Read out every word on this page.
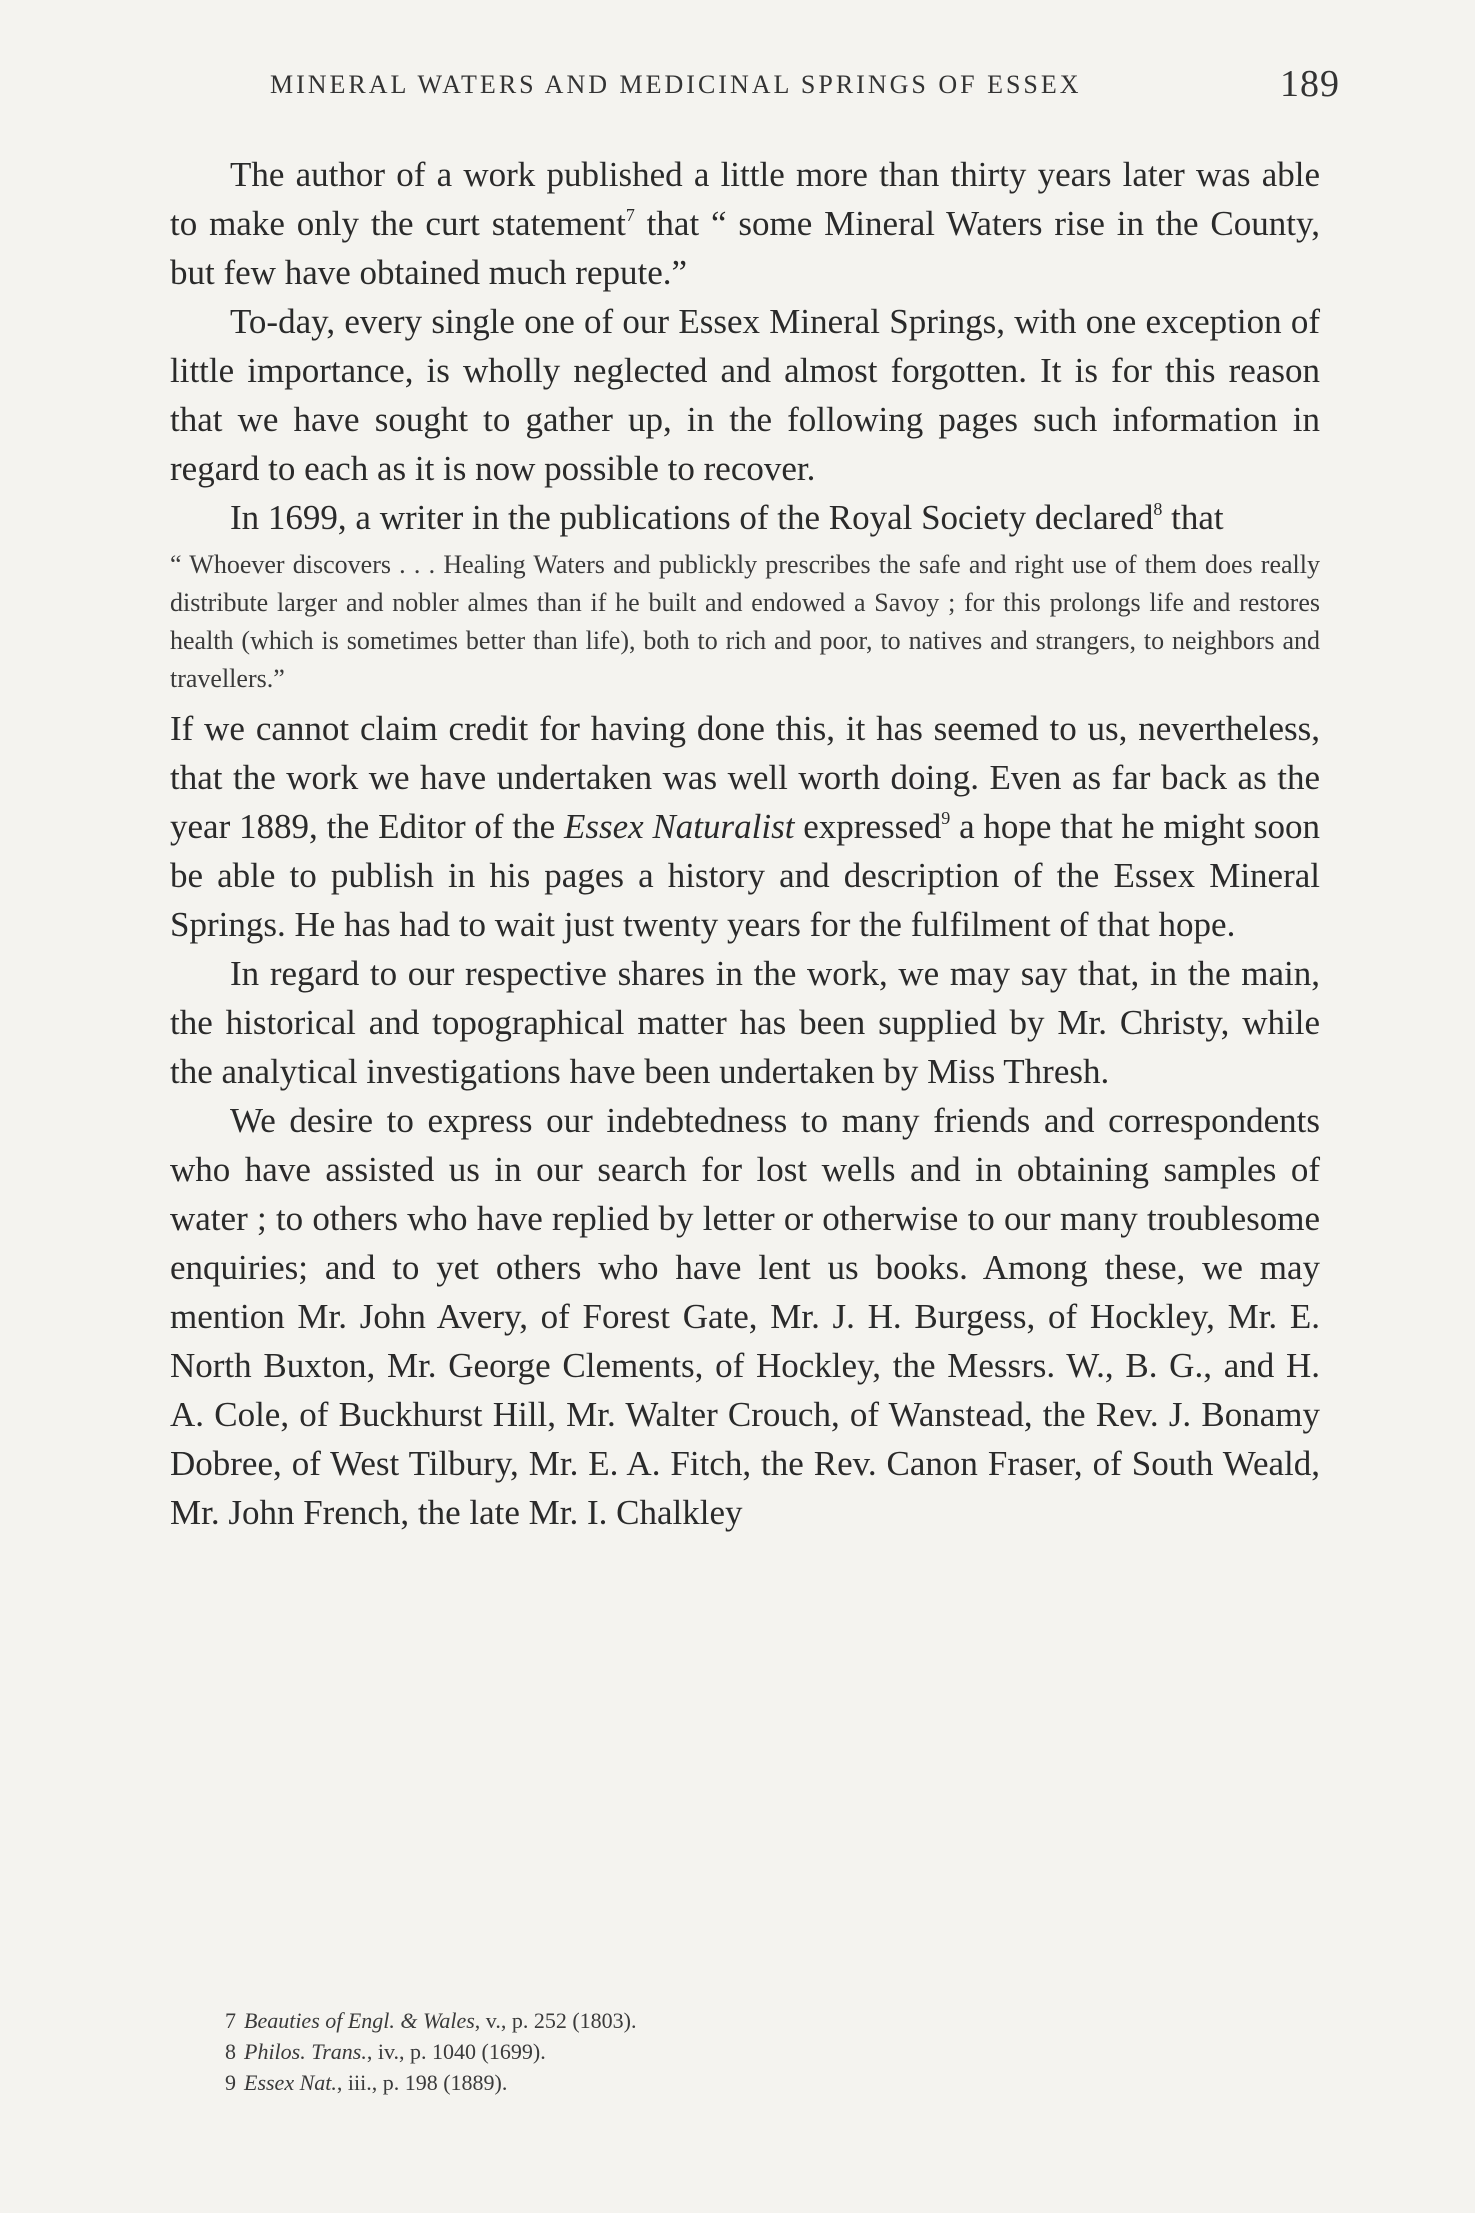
MINERAL WATERS AND MEDICINAL SPRINGS OF ESSEX	189

The author of a work published a little more than thirty years later was able to make only the curt statement$^7$ that “ some Mineral Waters rise in the County, but few have obtained much repute.”

To-day, every single one of our Essex Mineral Springs, with one exception of little importance, is wholly neglected and almost forgotten. It is for this reason that we have sought to gather up, in the following pages such information in regard to each as it is now possible to recover.

In 1699, a writer in the publications of the Royal Society declared$^8$ that

“ Whoever discovers . . . Healing Waters and publickly prescribes the safe and right use of them does really distribute larger and nobler almes than if he built and endowed a Savoy ; for this prolongs life and restores health (which is sometimes better than life), both to rich and poor, to natives and strangers, to neighbors and travellers.”

If we cannot claim credit for having done this, it has seemed to us, nevertheless, that the work we have undertaken was well worth doing. Even as far back as the year 1889, the Editor of the Essex Naturalist expressed$^9$ a hope that he might soon be able to publish in his pages a history and description of the Essex Mineral Springs. He has had to wait just twenty years for the fulfilment of that hope.

In regard to our respective shares in the work, we may say that, in the main, the historical and topographical matter has been supplied by Mr. Christy, while the analytical investigations have been undertaken by Miss Thresh.

We desire to express our indebtedness to many friends and correspondents who have assisted us in our search for lost wells and in obtaining samples of water ; to others who have replied by letter or otherwise to our many troublesome enquiries; and to yet others who have lent us books. Among these, we may mention Mr. John Avery, of Forest Gate, Mr. J. H. Burgess, of Hockley, Mr. E. North Buxton, Mr. George Clements, of Hockley, the Messrs. W., B. G., and H. A. Cole, of Buckhurst Hill, Mr. Walter Crouch, of Wanstead, the Rev. J. Bonamy Dobree, of West Tilbury, Mr. E. A. Fitch, the Rev. Canon Fraser, of South Weald, Mr. John French, the late Mr. I. Chalkley

7 Beauties of Engl. & Wales, v., p. 252 (1803).
8 Philos. Trans., iv., p. 1040 (1699).
9 Essex Nat., iii., p. 198 (1889).
